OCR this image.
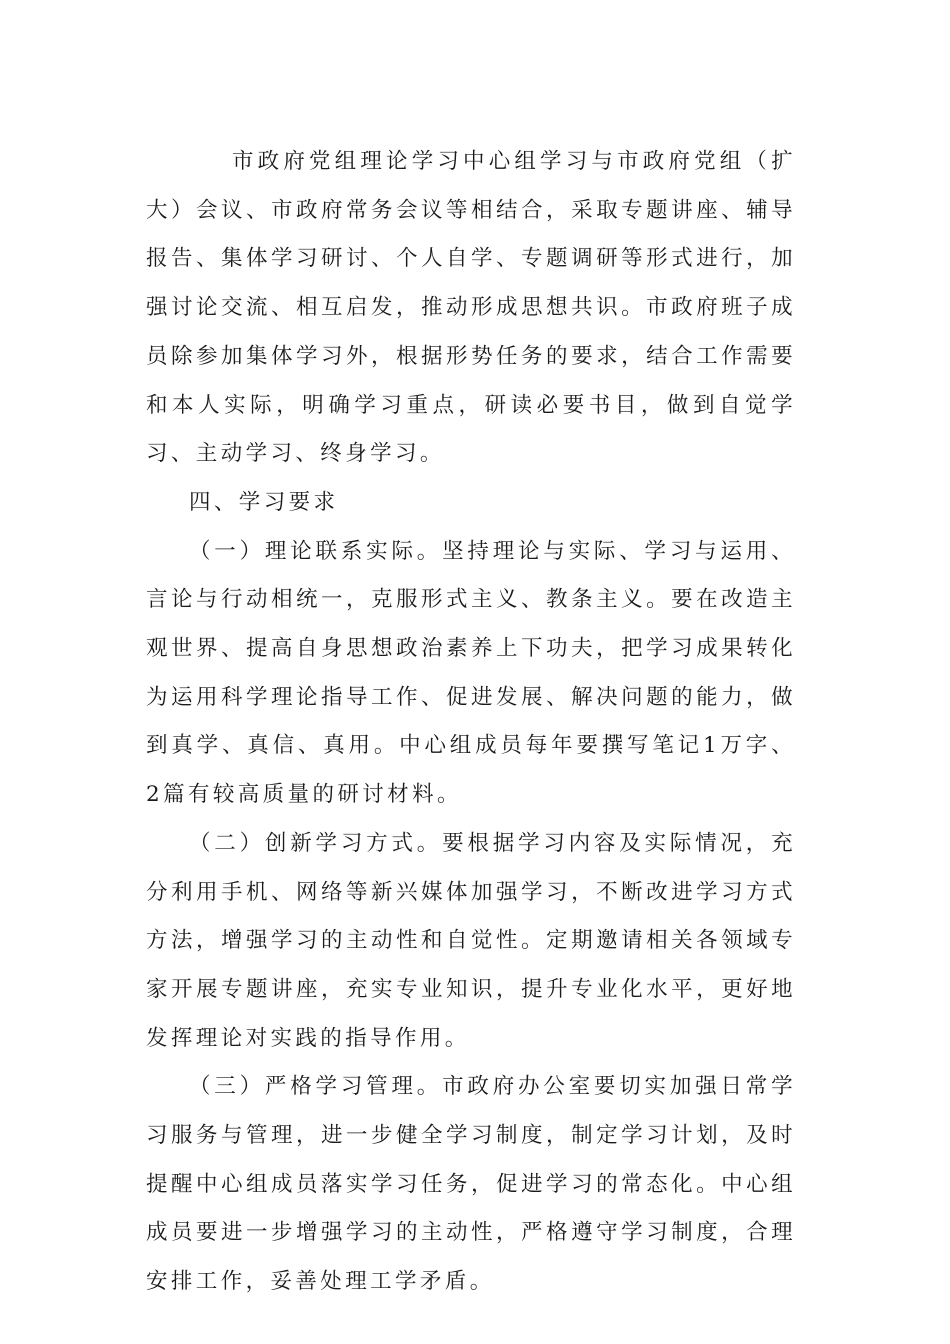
市政府党组理论学习中心组学习与市政府党组（扩大）会议、市政府常务会议等相结合，采取专题讲座、辅导报告、集体学习研讨、个人自学、专题调研等形式进行，加强讨论交流、相互启发，推动形成思想共识。市政府班子成员除参加集体学习外，根据形势任务的要求，结合工作需要和本人实际，明确学习重点，研读必要书目，做到自觉学习、主动学习、终身学习。

四、学习要求

（一）理论联系实际。坚持理论与实际、学习与运用、言论与行动相统一，克服形式主义、教条主义。要在改造主观世界、提高自身思想政治素养上下功夫，把学习成果转化为运用科学理论指导工作、促进发展、解决问题的能力，做到真学、真信、真用。中心组成员每年要撰写笔记1万字、2篇有较高质量的研讨材料。

（二）创新学习方式。要根据学习内容及实际情况，充分利用手机、网络等新兴媒体加强学习，不断改进学习方式方法，增强学习的主动性和自觉性。定期邀请相关各领域专家开展专题讲座，充实专业知识，提升专业化水平，更好地发挥理论对实践的指导作用。

（三）严格学习管理。市政府办公室要切实加强日常学习服务与管理，进一步健全学习制度，制定学习计划，及时提醒中心组成员落实学习任务，促进学习的常态化。中心组成员要进一步增强学习的主动性，严格遵守学习制度，合理安排工作，妥善处理工学矛盾。
